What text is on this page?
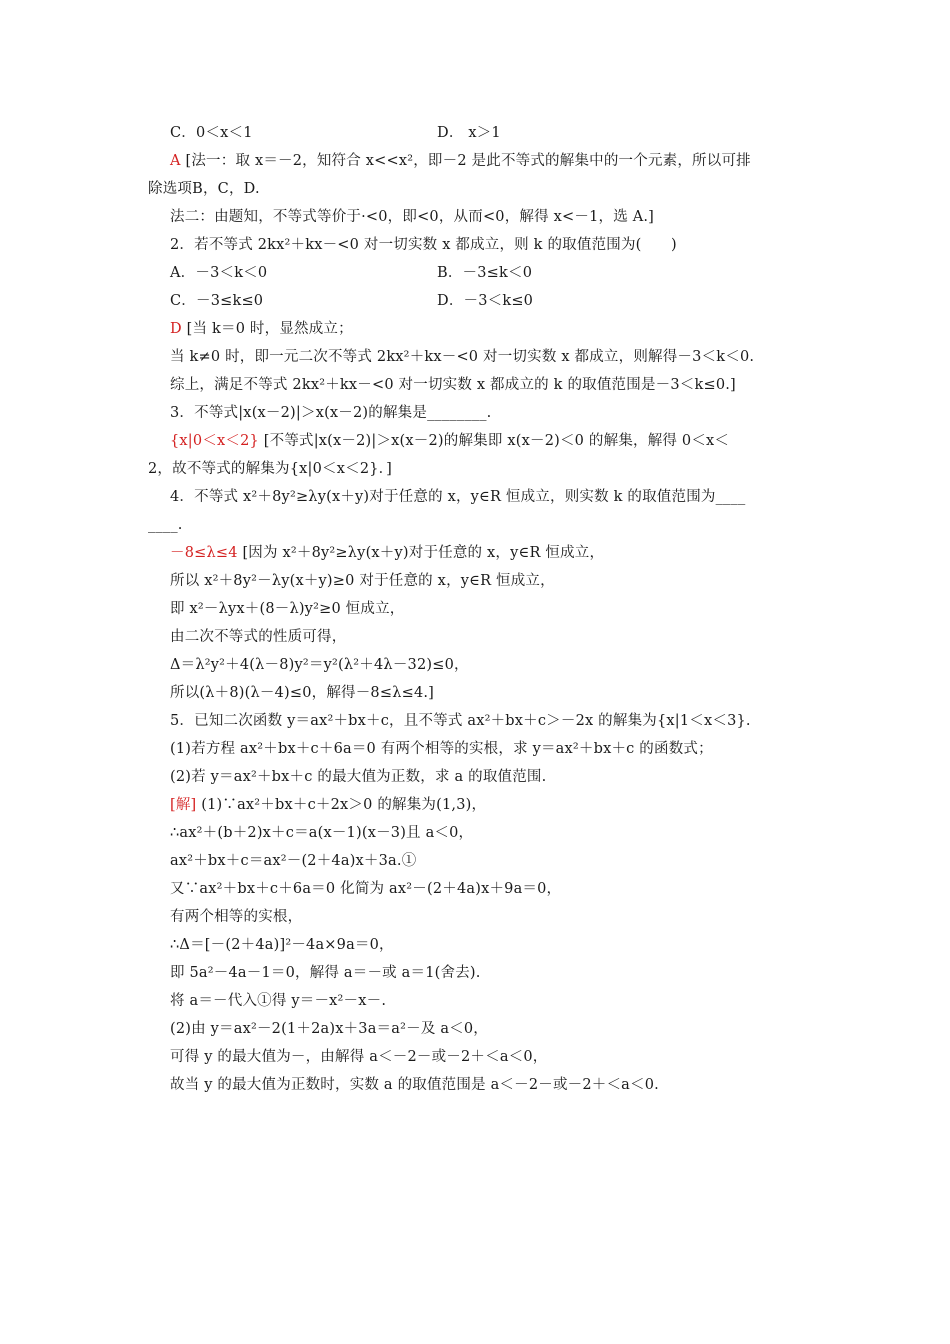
C．0＜x＜1	D． x＞1
A [法一：取 x＝－2，知符合 x<<x²，即－2 是此不等式的解集中的一个元素，所以可排
除选项B，C，D.
法二：由题知，不等式等价于·<0，即<0，从而<0，解得 x<－1，选 A.]
2．若不等式 2kx²＋kx－<0 对一切实数 x 都成立，则 k 的取值范围为(　　)
A．－3＜k＜0	B．－3≤k＜0
C．－3≤k≤0	D．－3＜k≤0
D [当 k＝0 时，显然成立；
当 k≠0 时，即一元二次不等式 2kx²＋kx－<0 对一切实数 x 都成立，则解得－3＜k＜0.
综上，满足不等式 2kx²＋kx－<0 对一切实数 x 都成立的 k 的取值范围是－3＜k≤0.]
3．不等式|x(x－2)|＞x(x－2)的解集是________.
{x|0＜x＜2} [不等式|x(x－2)|＞x(x－2)的解集即 x(x－2)＜0 的解集，解得 0＜x＜
2，故不等式的解集为{x|0＜x＜2}．]
4．不等式 x²＋8y²≥λy(x＋y)对于任意的 x，y∈R 恒成立，则实数 k 的取值范围为____
____.
－8≤λ≤4 [因为 x²＋8y²≥λy(x＋y)对于任意的 x，y∈R 恒成立，
所以 x²＋8y²－λy(x＋y)≥0 对于任意的 x，y∈R 恒成立，
即 x²－λyx＋(8－λ)y²≥0 恒成立，
由二次不等式的性质可得，
Δ＝λ²y²＋4(λ－8)y²＝y²(λ²＋4λ－32)≤0，
所以(λ＋8)(λ－4)≤0，解得－8≤λ≤4.]
5．已知二次函数 y＝ax²＋bx＋c，且不等式 ax²＋bx＋c＞－2x 的解集为{x|1＜x＜3}.
(1)若方程 ax²＋bx＋c＋6a＝0 有两个相等的实根，求 y＝ax²＋bx＋c 的函数式；
(2)若 y＝ax²＋bx＋c 的最大值为正数，求 a 的取值范围.
[解] (1)∵ax²＋bx＋c＋2x＞0 的解集为(1,3)，
∴ax²＋(b＋2)x＋c＝a(x－1)(x－3)且 a＜0，
ax²＋bx＋c＝ax²－(2＋4a)x＋3a.①
又∵ax²＋bx＋c＋6a＝0 化简为 ax²－(2＋4a)x＋9a＝0，
有两个相等的实根，
∴Δ＝[－(2＋4a)]²－4a×9a＝0，
即 5a²－4a－1＝0，解得 a＝－或 a＝1(舍去).
将 a＝－代入①得 y＝－x²－x－.
(2)由 y＝ax²－2(1＋2a)x＋3a＝a²－及 a＜0，
可得 y 的最大值为－，由解得 a＜－2－或－2＋＜a＜0，
故当 y 的最大值为正数时，实数 a 的取值范围是 a＜－2－或－2＋＜a＜0.
